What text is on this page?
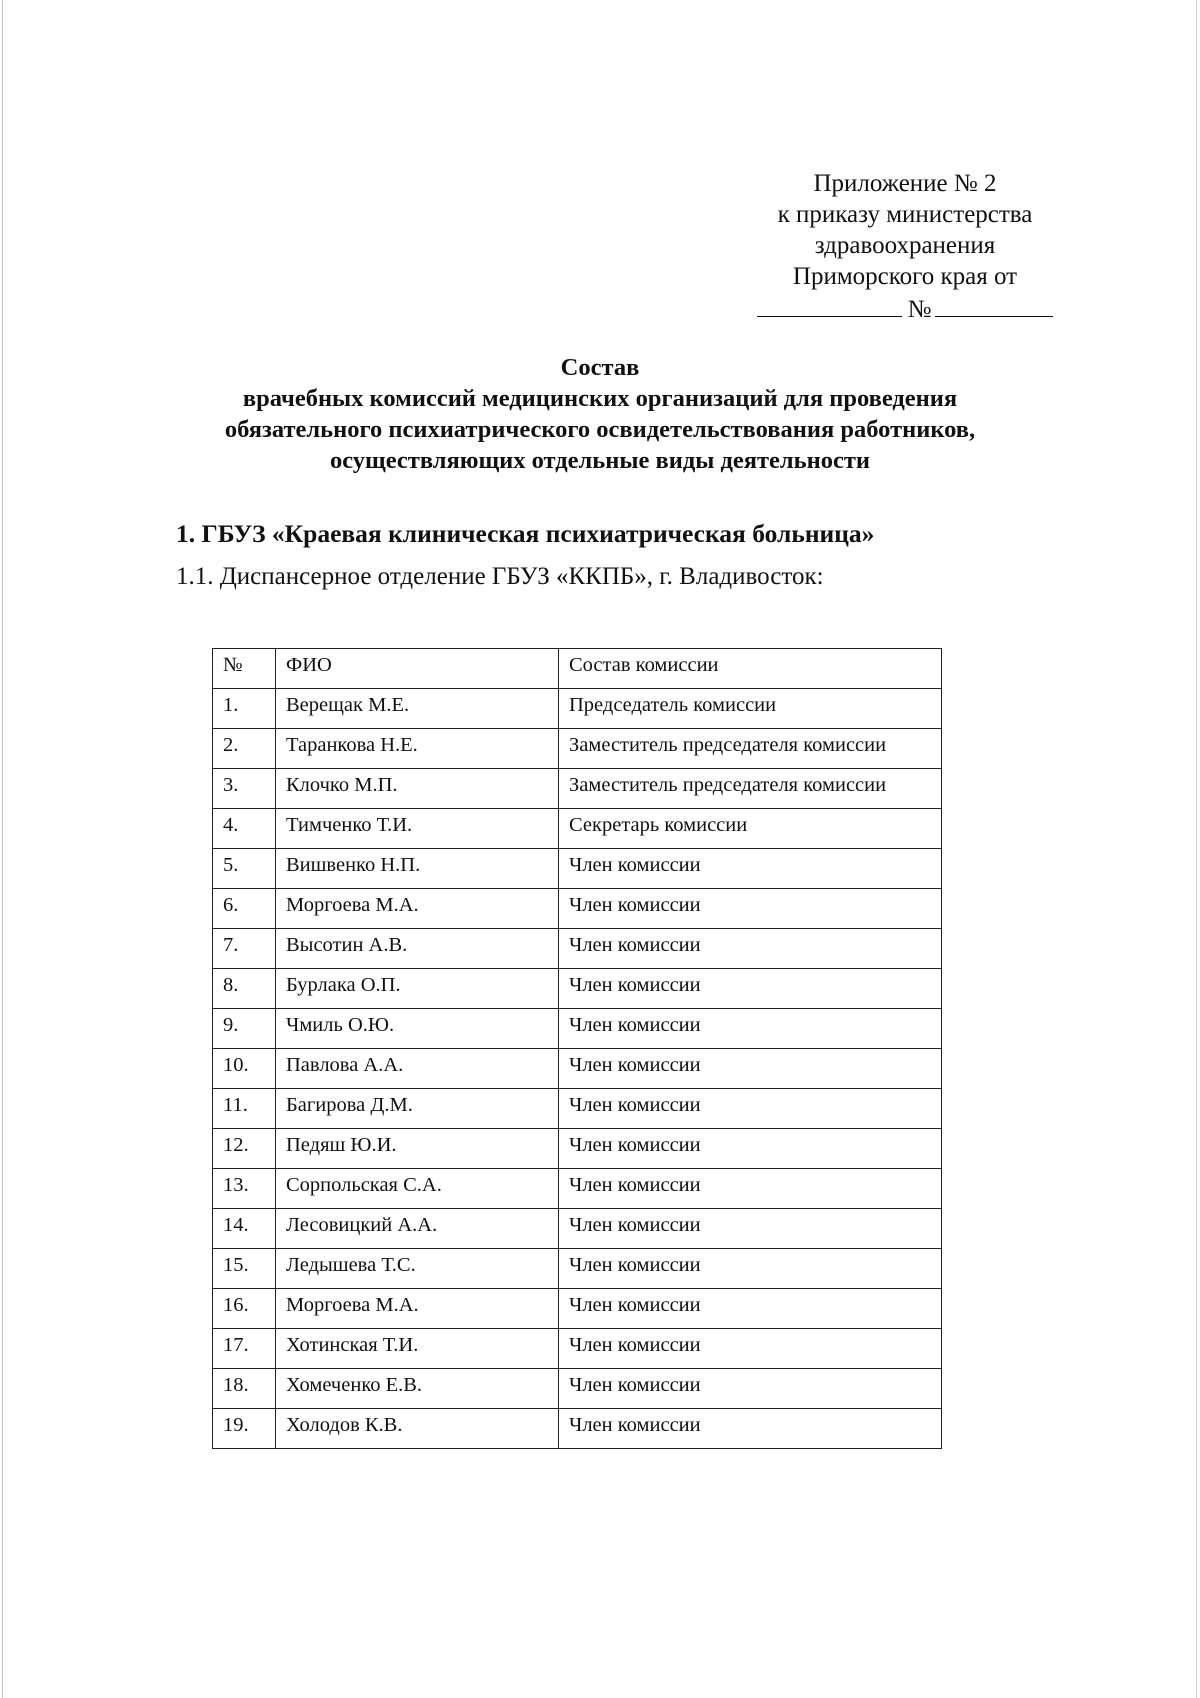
Приложение № 2
к приказу министерства
здравоохранения
Приморского края от
№
Состав
врачебных комиссий медицинских организаций для проведения
обязательного психиатрического освидетельствования работников,
осуществляющих отдельные виды деятельности
1. ГБУЗ «Краевая клиническая психиатрическая больница»
1.1. Диспансерное отделение ГБУЗ «ККПБ», г. Владивосток:
№	ФИО	Состав комиссии
1.	Верещак М.Е.	Председатель комиссии
2.	Таранкова Н.Е.	Заместитель председателя комиссии
3.	Клочко М.П.	Заместитель председателя комиссии
4.	Тимченко Т.И.	Секретарь комиссии
5.	Вишвенко Н.П.	Член комиссии
6.	Моргоева М.А.	Член комиссии
7.	Высотин А.В.	Член комиссии
8.	Бурлака О.П.	Член комиссии
9.	Чмиль О.Ю.	Член комиссии
10.	Павлова А.А.	Член комиссии
11.	Багирова Д.М.	Член комиссии
12.	Педяш Ю.И.	Член комиссии
13.	Сорпольская С.А.	Член комиссии
14.	Лесовицкий А.А.	Член комиссии
15.	Ледышева Т.С.	Член комиссии
16.	Моргоева М.А.	Член комиссии
17.	Хотинская Т.И.	Член комиссии
18.	Хомеченко Е.В.	Член комиссии
19.	Холодов К.В.	Член комиссии
